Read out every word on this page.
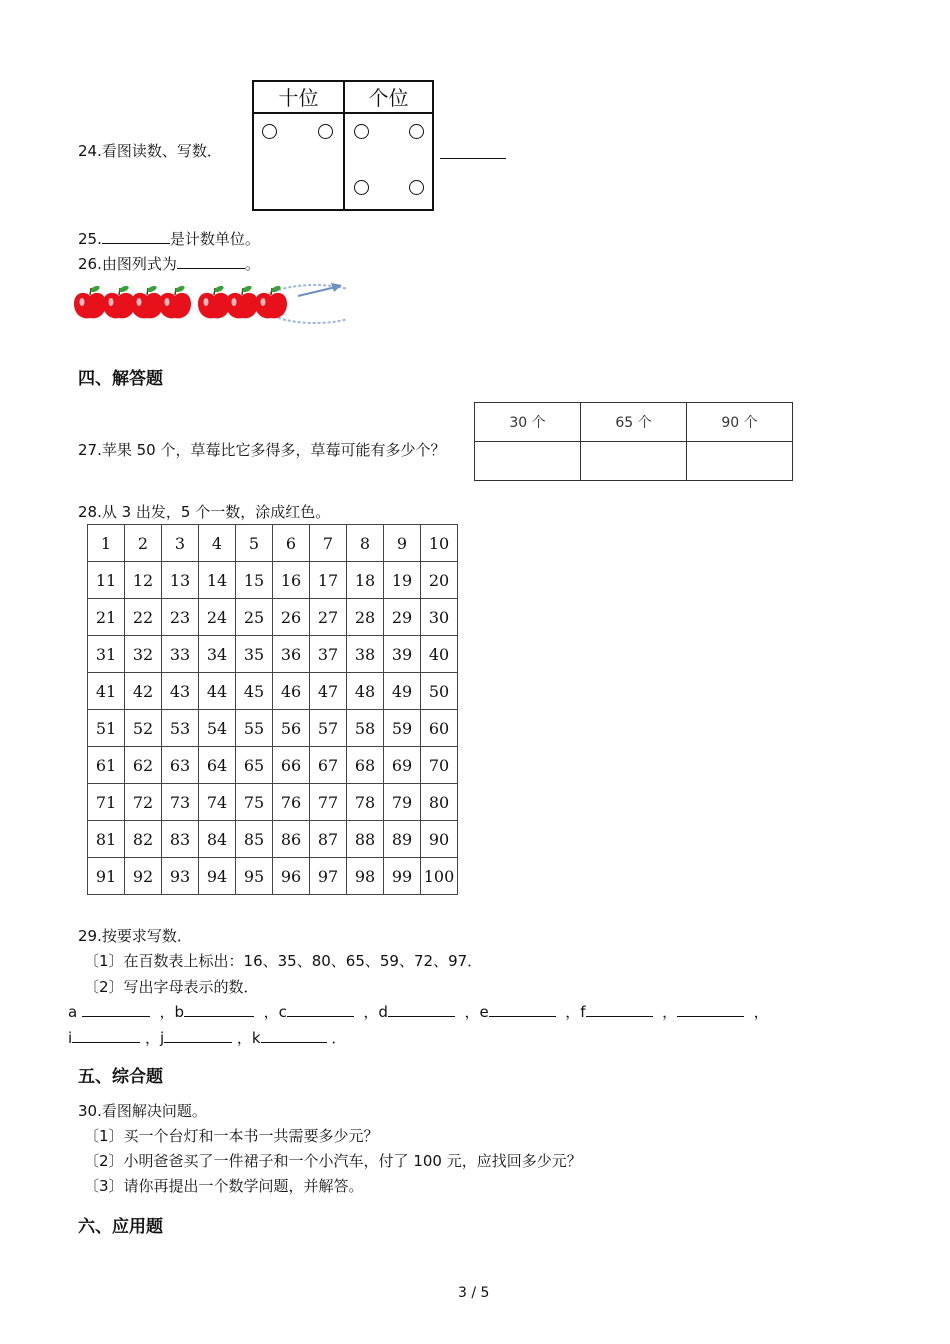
24.看图读数、写数．
十位	个位
25.	是计数单位。
26.由图列式为	。
四、解答题
27.苹果 50 个，草莓比它多得多，草莓可能有多少个？
30 个	65 个	90 个

28.从 3 出发，5 个一数，涂成红色。
1	2	3	4	5	6	7	8	9	10
11	12	13	14	15	16	17	18	19	20
21	22	23	24	25	26	27	28	29	30
31	32	33	34	35	36	37	38	39	40
41	42	43	44	45	46	47	48	49	50
51	52	53	54	55	56	57	58	59	60
61	62	63	64	65	66	67	68	69	70
71	72	73	74	75	76	77	78	79	80
81	82	83	84	85	86	87	88	89	90
91	92	93	94	95	96	97	98	99	100
29.按要求写数．
〔1〕在百数表上标出：16、35、80、65、59、72、97．
〔2〕写出字母表示的数．
a	，b	，c	，d	，e	，f	，	，
i	，j	，k	．
五、综合题
30.看图解决问题。
〔1〕买一个台灯和一本书一共需要多少元？
〔2〕小明爸爸买了一件裙子和一个小汽车，付了 100 元，应找回多少元？
〔3〕请你再提出一个数学问题，并解答。
六、应用题
3 / 5
